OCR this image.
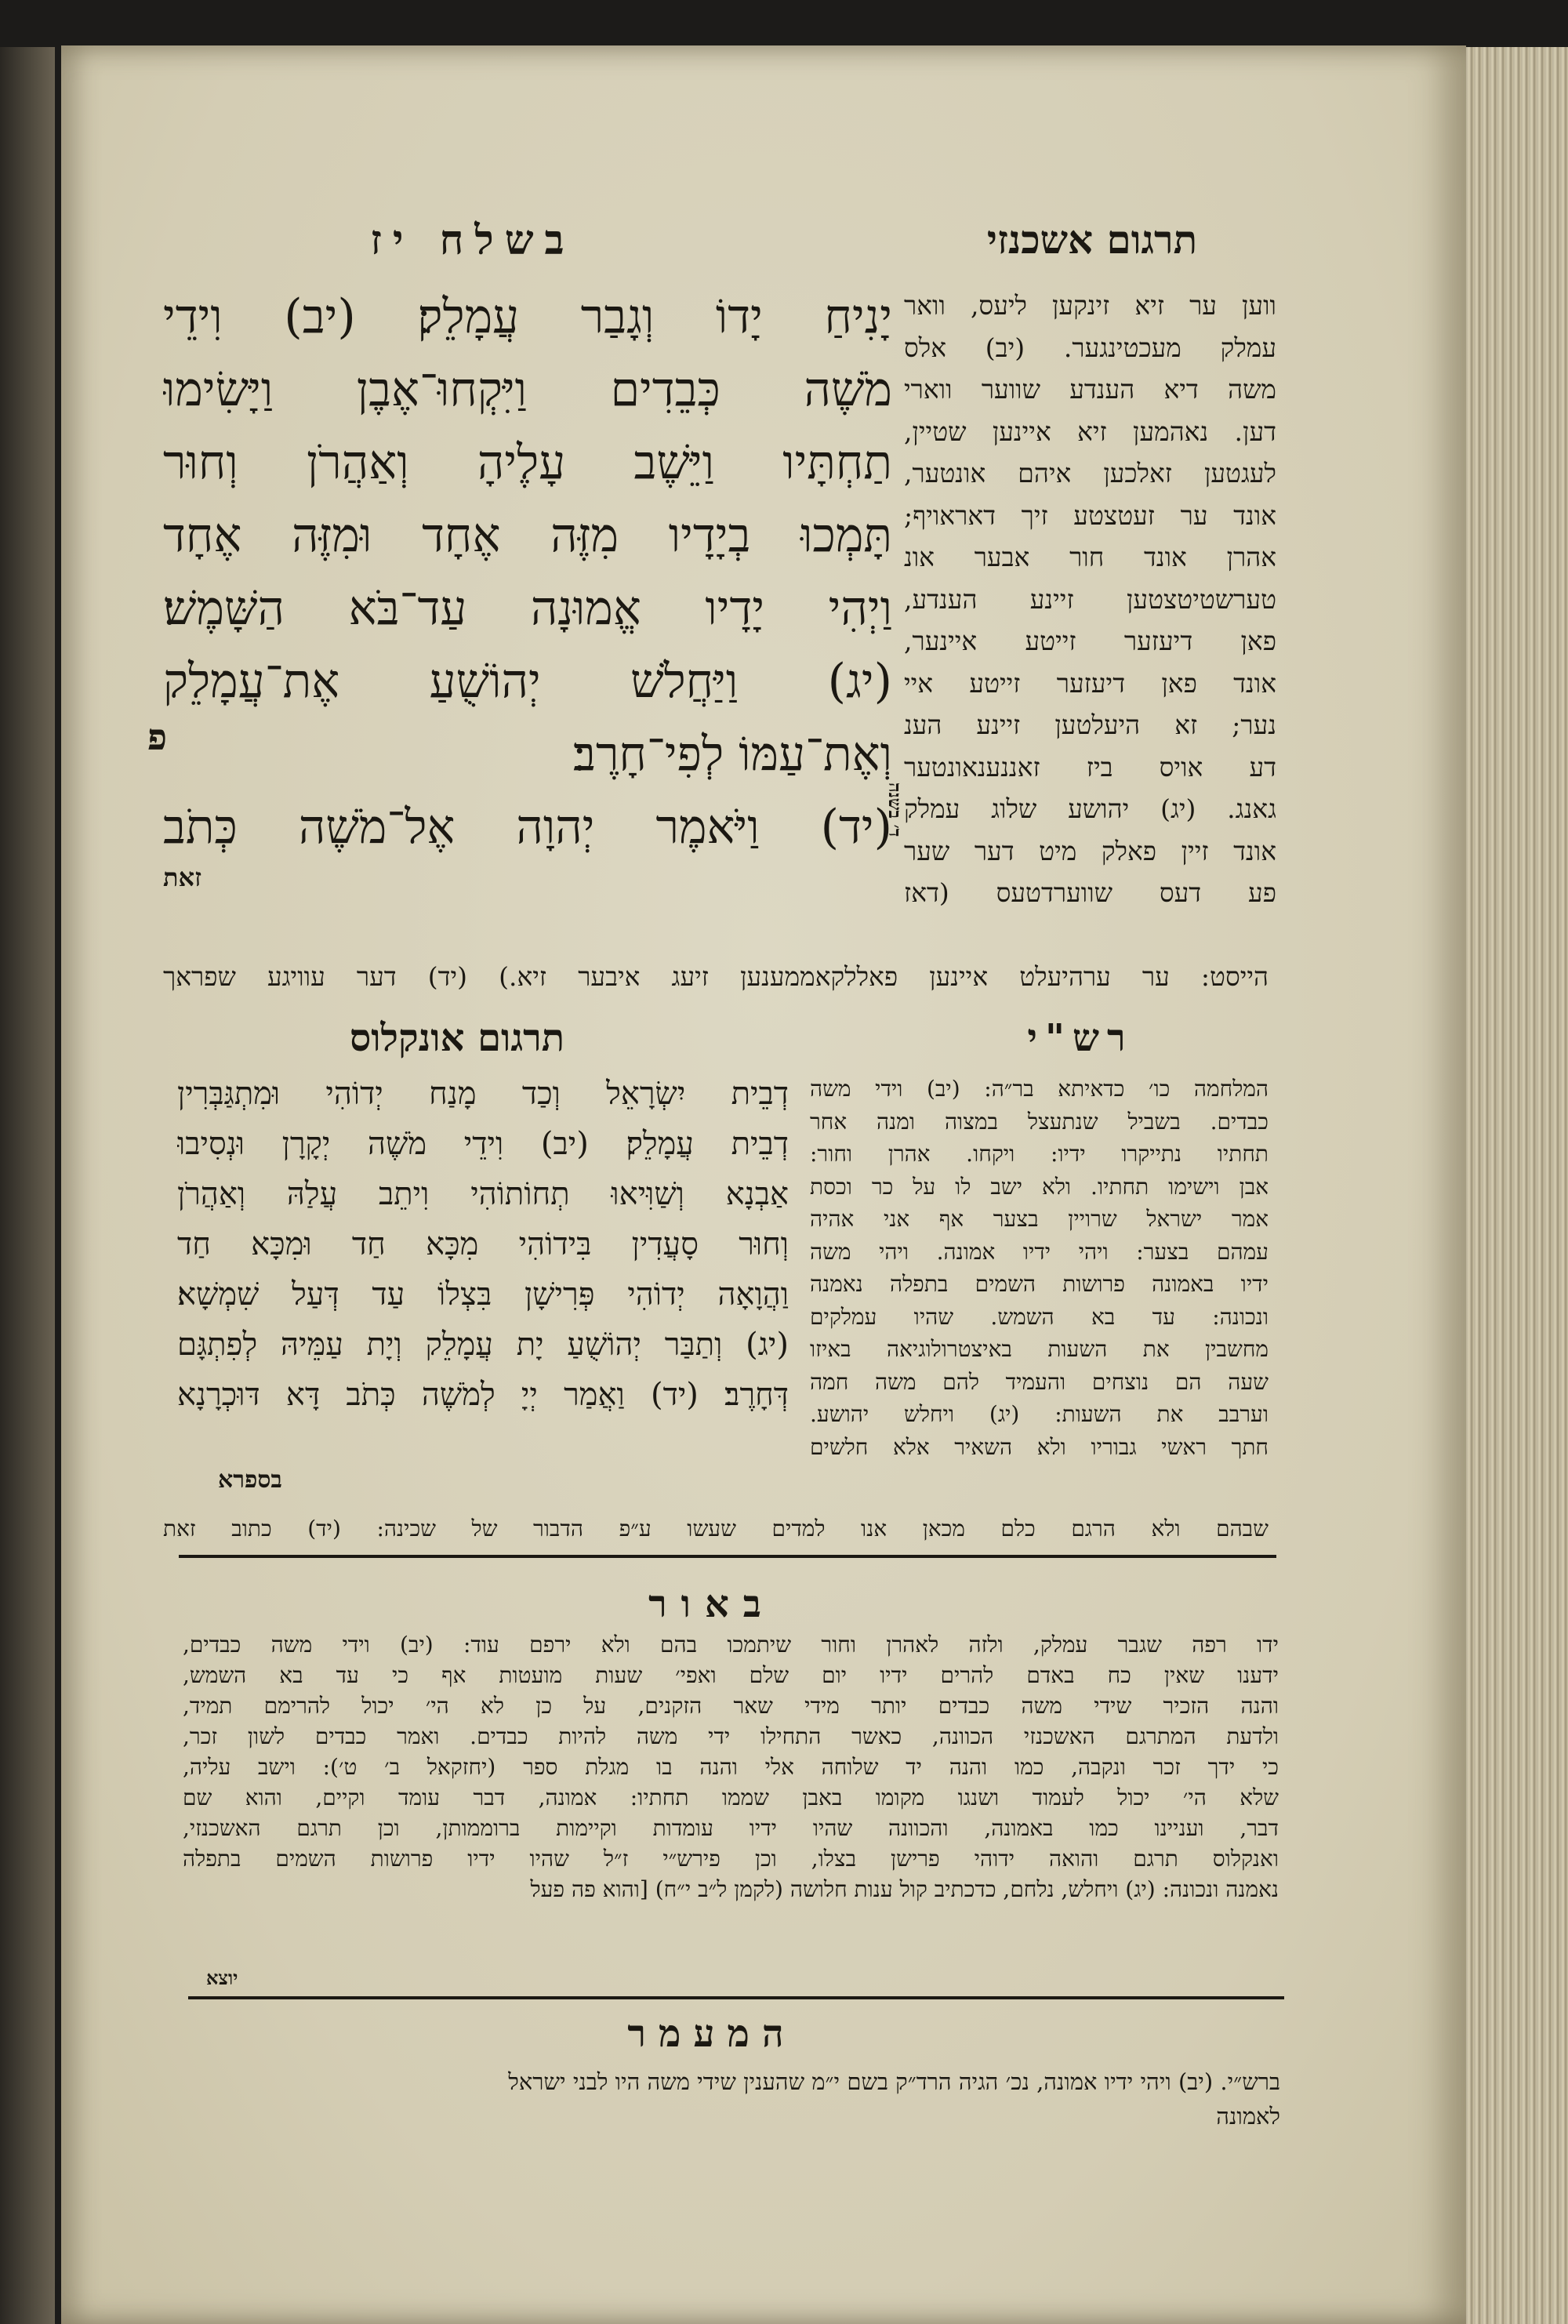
בשלח יז	תרגום אשכנזי
יָנִיחַ יָדוֹ וְגָבַר עֲמָלֵק׃ (יב) וִידֵי
מֹשֶׁה כְּבֵדִים וַיִּקְחוּ־אֶבֶן וַיָּשִׂימוּ
תַחְתָּיו וַיֵּשֶׁב עָלֶיהָ וְאַהֲרֹן וְחוּר
תָּמְכוּ בְיָדָיו מִזֶּה אֶחָד וּמִזֶּה אֶחָד
וַיְהִי יָדָיו אֱמוּנָה עַד־בֹּא הַשָּׁמֶשׁ׃
(יג) וַיַּחֲלֹשׁ יְהוֹשֻׁעַ אֶת־עֲמָלֵק
וְאֶת־עַמּוֹ לְפִי־חָרֶב׃
(יד) וַיֹּאמֶר יְהוָה אֶל־מֹשֶׁה כְּתֹב
פ
ד׳ בשנה
זאת
ווען ער זיא זינקען ליעס, וואר
עמלק מעכטינגער. (יב) אלס
משה דיא הענדע שווער ווארי
דען. נאהמען זיא איינען שטיין,
לעגטען זאלכען איהם אונטער,
אונד ער זעטצטע זיך דאראויף;
אהרן אונד חור אבער אונ
טערשטיטצטען זיינע הענדע,
פאן דיעזער זייטע איינער,
אונד פאן דיעזער זייטע איי
נער; זא היעלטען זיינע הענ
דע אויס ביז זאננענאונטער
גאנג. (יג) יהושע שלוג עמלק
אונד זיין פאלק מיט דער שער
פע דעס שווערדטעס (דאז
הייסט: ער ערהיעלט איינען פאללקאממענען זיעג איבער זיא.) (יד) דער עוויגע שפראך
תרגום אונקלוס	רש"י
דְבֵית יִשְׂרָאֵל וְכַד מָנַח יְדוֹהִי וּמִתְגַּבְּרִין
דְבֵית עֲמָלֵק׃ (יב) וִידֵי מֹשֶׁה יְקָרָן וּנְסִיבוּ
אַבְנָא וְשַׁוִּיאוּ תְחוֹתוֹהִי וִיתֵב עֲלַהּ וְאַהֲרֹן
וְחוּר סָעֲדִין בִּידוֹהִי מִכָּא חַד וּמִכָּא חַד
וַהֲוָאָה יְדוֹהִי פְּרִישָׁן בִּצְלוֹ עַד דְּעַל שִׁמְשָׁא׃
(יג) וְתַבַּר יְהוֹשֻׁעַ יָת עֲמָלֵק וְיָת עַמֵּיהּ לְפִתְגָּם
דְּחָרֶב׃ (יד) וַאֲמַר יְיָ לְמֹשֶׁה כְּתֹב דָּא דּוּכְרָנָא
בספרא
המלחמה כו׳ כדאיתא בר״ה: (יב) וידי משה
כבדים. בשביל שנתעצל במצוה ומנה אחר
תחתיו נתייקרו ידיו: ויקחו. אהרן וחור:
אבן וישימו תחתיו. ולא ישב לו על כר וכסת
אמר ישראל שרויין בצער אף אני אהיה
עמהם בצער: ויהי ידיו אמונה. ויהי משה
ידיו באמונה פרושות השמים בתפלה נאמנה
ונכונה: עד בא השמש. שהיו עמלקים
מחשבין את השעות באיצטרולוגיאה באיזו
שעה הם נוצחים והעמיד להם משה חמה
וערבב את השעות: (יג) ויחלש יהושע.
חתך ראשי גבוריו ולא השאיר אלא חלשים
שבהם ולא הרגם כלם מכאן אנו למדים שעשו ע״פ הדבור של שכינה: (יד) כתוב זאת
באור
ידו רפה שגבר עמלק, ולזה לאהרן וחור שיתמכו בהם ולא ירפם עוד: (יב) וידי משה כבדים,
ידענו שאין כח באדם להרים ידיו יום שלם ואפי׳ שעות מועטות אף כי עד בא השמש,
והנה הזכיר שידי משה כבדים יותר מידי שאר הזקנים, על כן לא הי׳ יכול להרימם תמיד,
ולדעת המתרגם האשכנזי הכוונה, כאשר התחילו ידי משה להיות כבדים. ואמר כבדים לשון זכר,
כי ידך זכר ונקבה, כמו והנה יד שלוחה אלי והנה בו מגלת ספר (יחזקאל ב׳ ט׳): וישב עליה,
שלא הי׳ יכול לעמוד ושנגו מקומו באבן שממו תחתיו: אמונה, דבר עומד וקיים, והוא שם
דבר, ועניינו כמו באמונה, והכוונה שהיו ידיו עומדות וקיימות ברוממותן, וכן תרגם האשכנזי,
ואנקלוס תרגם והואה ידוהי פרישן בצלו, וכן פירש״י ז״ל שהיו ידיו פרושות השמים בתפלה
נאמנה ונכונה: (יג) ויחלש, נלחם, כדכתיב קול ענות חלושה (לקמן ל״ב י״ח) [והוא פה פעל
יוצא
המעמר
ברש״י. (יב) ויהי ידיו אמונה, נכ׳ הגיה הרד״ק בשם י״מ שהענין שידי משה היו לבני ישראל
לאמונה
